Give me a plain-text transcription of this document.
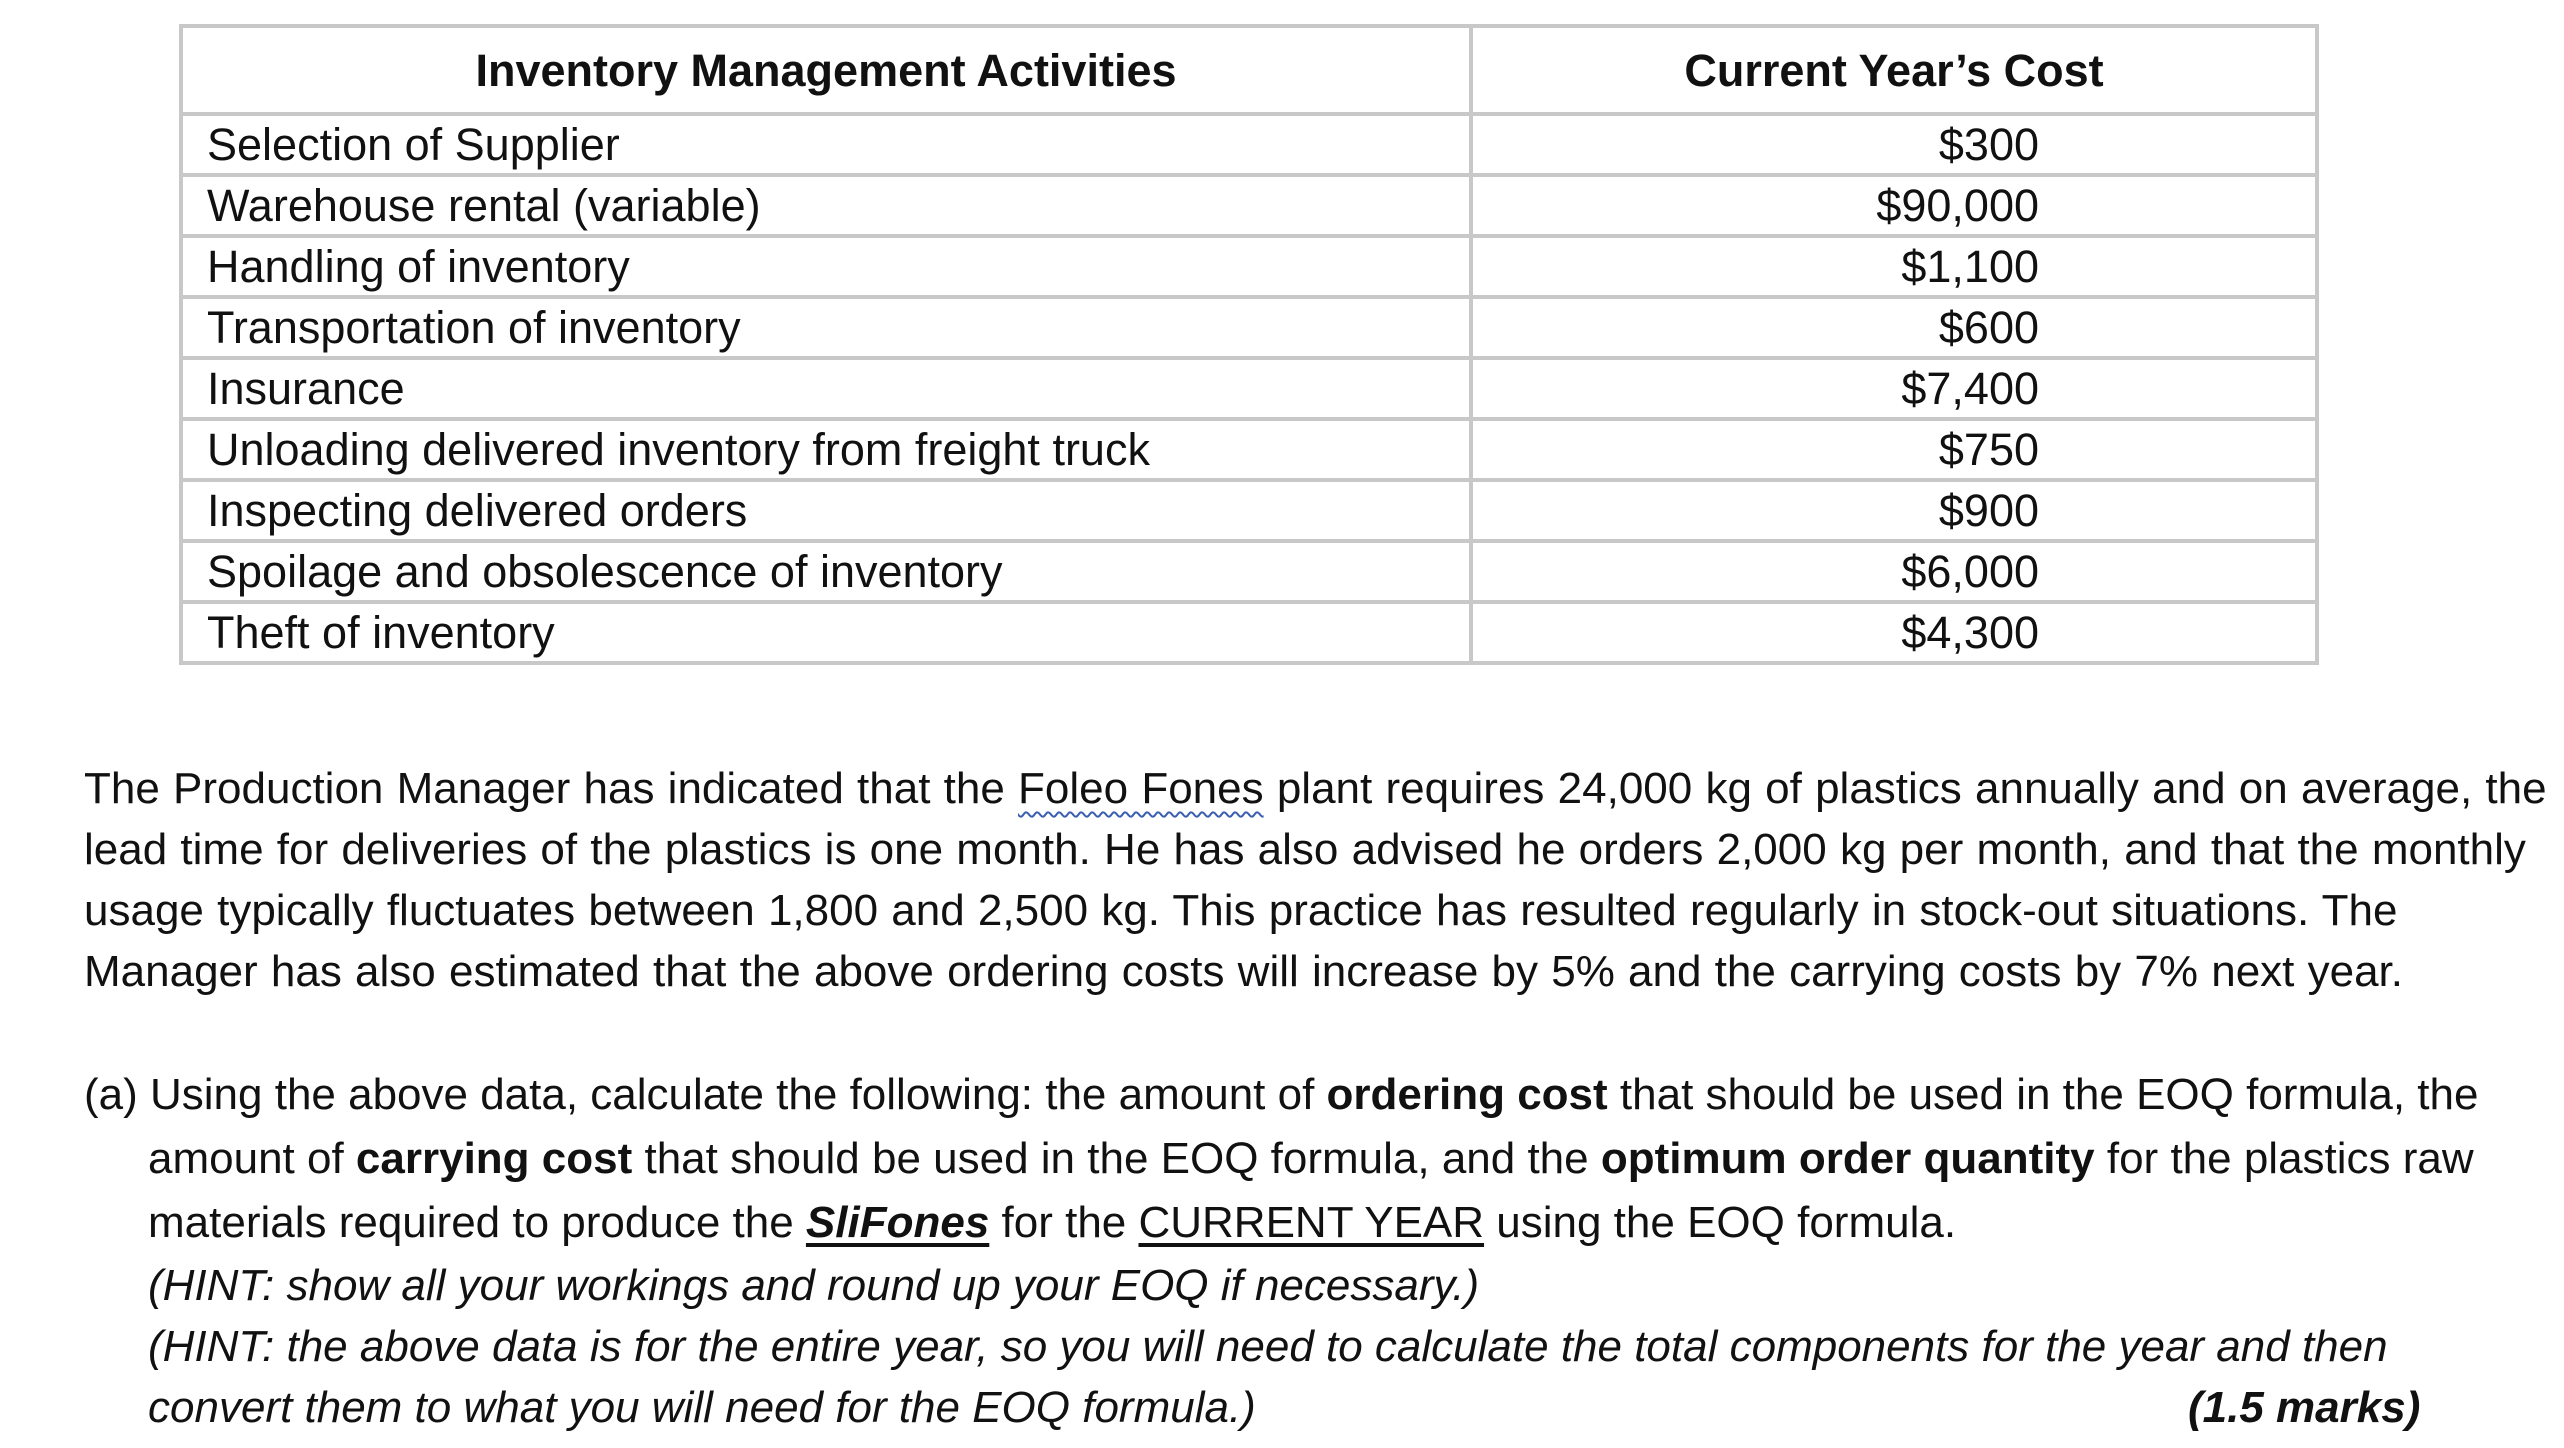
Inventory Management Activities	Current Year’s Cost
Selection of Supplier	$300
Warehouse rental (variable)	$90,000
Handling of inventory	$1,100
Transportation of inventory	$600
Insurance	$7,400
Unloading delivered inventory from freight truck	$750
Inspecting delivered orders	$900
Spoilage and obsolescence of inventory	$6,000
Theft of inventory	$4,300
The Production Manager has indicated that the Foleo Fones plant requires 24,000 kg of plastics annually and on average, the
lead time for deliveries of the plastics is one month. He has also advised he orders 2,000 kg per month, and that the monthly
usage typically fluctuates between 1,800 and 2,500 kg. This practice has resulted regularly in stock-out situations. The
Manager has also estimated that the above ordering costs will increase by 5% and the carrying costs by 7% next year.
(a) Using the above data, calculate the following: the amount of ordering cost that should be used in the EOQ formula, the
amount of carrying cost that should be used in the EOQ formula, and the optimum order quantity for the plastics raw
materials required to produce the SliFones for the CURRENT YEAR using the EOQ formula.
(HINT: show all your workings and round up your EOQ if necessary.)
(HINT: the above data is for the entire year, so you will need to calculate the total components for the year and then
convert them to what you will need for the EOQ formula.)	(1.5 marks)
